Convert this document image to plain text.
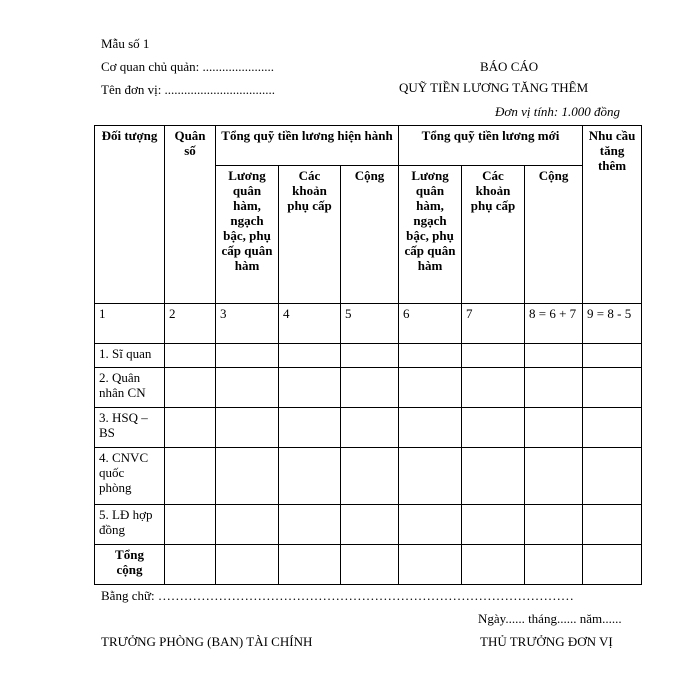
Mẫu số 1
Cơ quan chủ quản: ......................
Tên đơn vị: ..................................
BÁO CÁO
QUỸ TIỀN LƯƠNG TĂNG THÊM
Đơn vị tính: 1.000 đồng
Đối tượng	Quân số	Tổng quỹ tiền lương hiện hành			Tổng quỹ tiền lương mới			Nhu cầu tăng thêm
		Lương quân hàm, ngạch bậc, phụ cấp quân hàm	Các khoản phụ cấp	Cộng	Lương quân hàm, ngạch bậc, phụ cấp quân hàm	Các khoản phụ cấp	Cộng	
1	2	3	4	5	6	7	8 = 6 + 7	9 = 8 - 5
1. Sĩ quan								
2. Quân nhân CN								
3. HSQ – BS								
4. CNVC quốc phòng								
5. LĐ hợp đồng								
Tổng cộng								
Bằng chữ: ……………………………………………………………………………………
Ngày...... tháng...... năm......
TRƯỞNG PHÒNG (BAN) TÀI CHÍNH	THỦ TRƯỞNG ĐƠN VỊ
